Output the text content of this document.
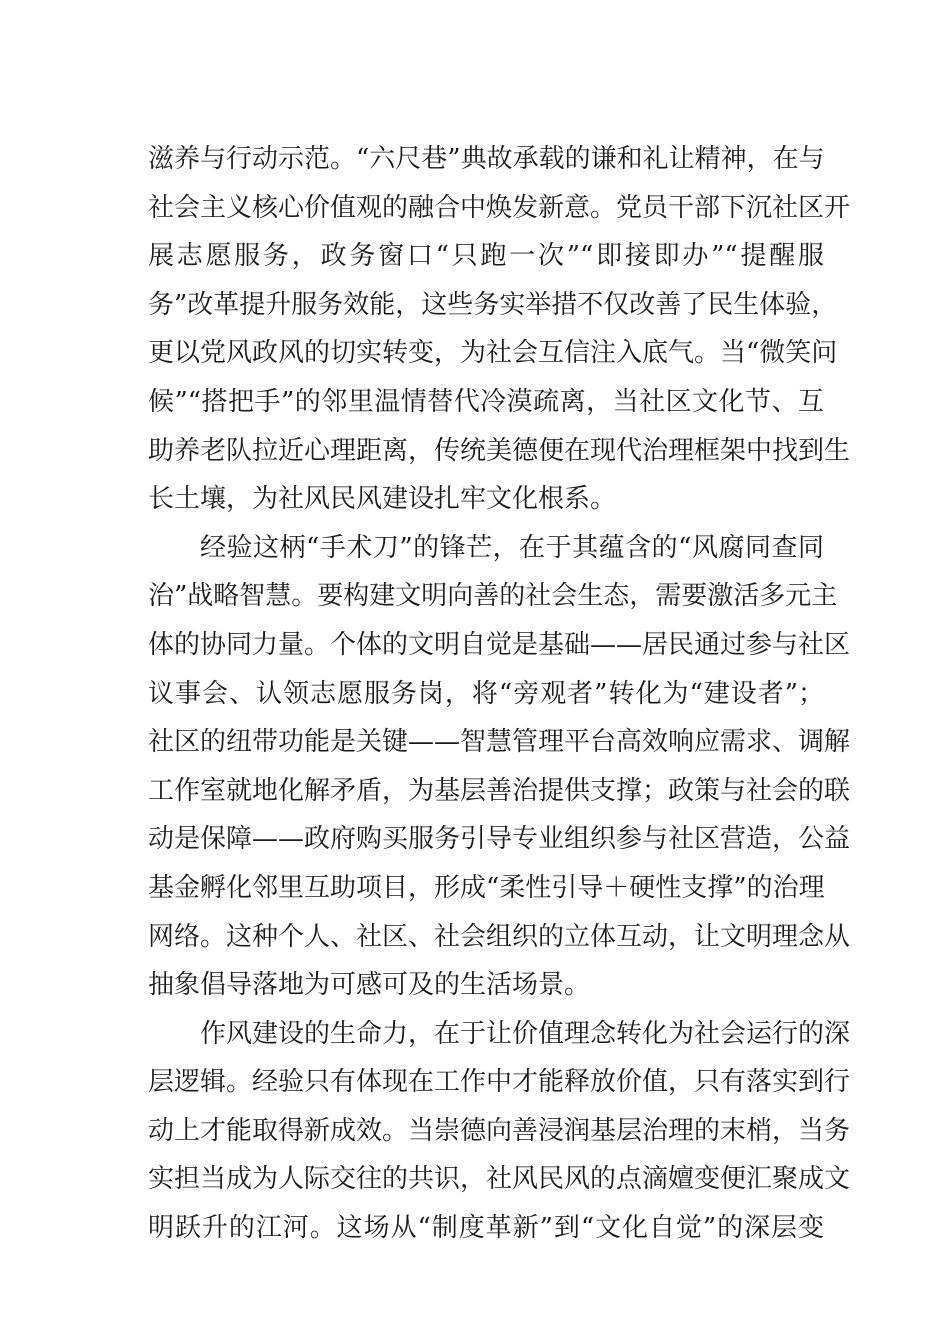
滋养与行动示范。“六尺巷”典故承载的谦和礼让精神，在与
社会主义核心价值观的融合中焕发新意。党员干部下沉社区开
展志愿服务，政务窗口“只跑一次”“即接即办”“提醒服
务”改革提升服务效能，这些务实举措不仅改善了民生体验，
更以党风政风的切实转变，为社会互信注入底气。当“微笑问
候”“搭把手”的邻里温情替代冷漠疏离，当社区文化节、互
助养老队拉近心理距离，传统美德便在现代治理框架中找到生
长土壤，为社风民风建设扎牢文化根系。
经验这柄“手术刀”的锋芒，在于其蕴含的“风腐同查同
治”战略智慧。要构建文明向善的社会生态，需要激活多元主
体的协同力量。个体的文明自觉是基础——居民通过参与社区
议事会、认领志愿服务岗，将“旁观者”转化为“建设者”；
社区的纽带功能是关键——智慧管理平台高效响应需求、调解
工作室就地化解矛盾，为基层善治提供支撑；政策与社会的联
动是保障——政府购买服务引导专业组织参与社区营造，公益
基金孵化邻里互助项目，形成“柔性引导＋硬性支撑”的治理
网络。这种个人、社区、社会组织的立体互动，让文明理念从
抽象倡导落地为可感可及的生活场景。
作风建设的生命力，在于让价值理念转化为社会运行的深
层逻辑。经验只有体现在工作中才能释放价值，只有落实到行
动上才能取得新成效。当崇德向善浸润基层治理的末梢，当务
实担当成为人际交往的共识，社风民风的点滴嬗变便汇聚成文
明跃升的江河。这场从“制度革新”到“文化自觉”的深层变
